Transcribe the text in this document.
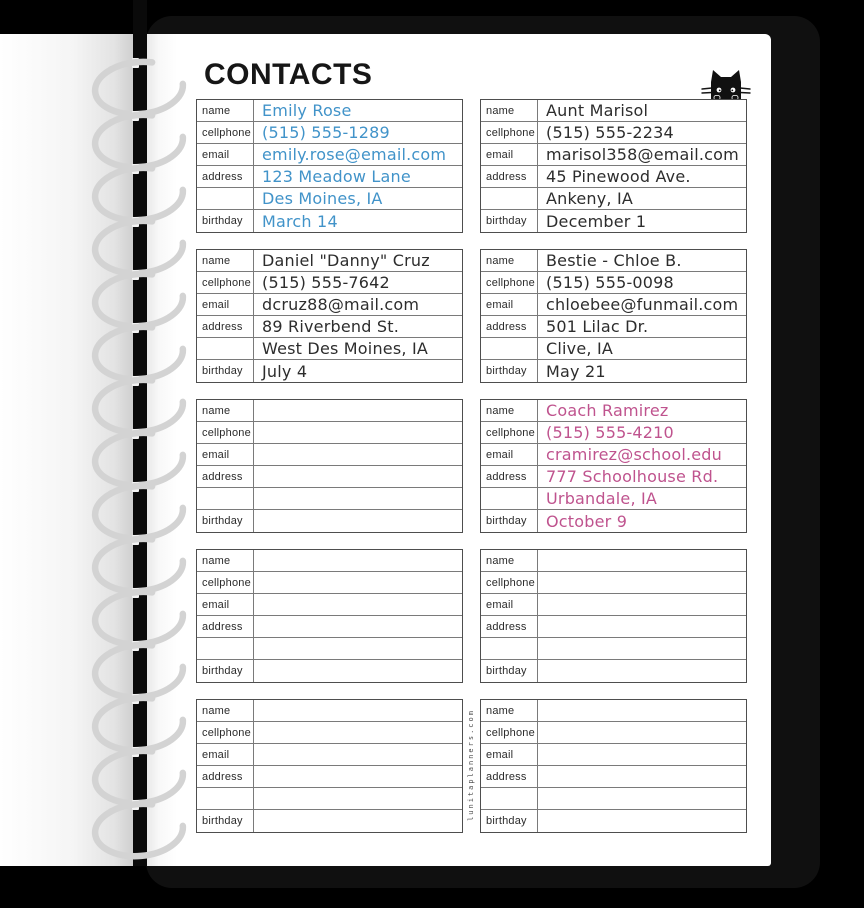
CONTACTS
name	Emily Rose
cellphone (515) 555-1289
email	emily.rose@email.com
address	123 Meadow Lane
Des Moines, IA
birthday	March 14
name	Aunt Marisol
cellphone (515) 555-2234
email	marisol358@email.com
address	45 Pinewood Ave.
Ankeny, IA
birthday	December 1
name	Daniel "Danny" Cruz
cellphone (515) 555-7642
email	dcruz88@mail.com
address	89 Riverbend St.
West Des Moines, IA
birthday	July 4
name	Bestie - Chloe B.
cellphone (515) 555-0098
email	chloebee@funmail.com
address	501 Lilac Dr.
Clive, IA
birthday	May 21
name
cellphone
email
address
birthday
name	Coach Ramirez
cellphone (515) 555-4210
email	cramirez@school.edu
address	777 Schoolhouse Rd.
Urbandale, IA
birthday	October 9
name
cellphone
email
address
birthday
name
cellphone
email
address
birthday
name
cellphone
email
address
birthday
name
cellphone
email
address
birthday
lunitaplanners.com
